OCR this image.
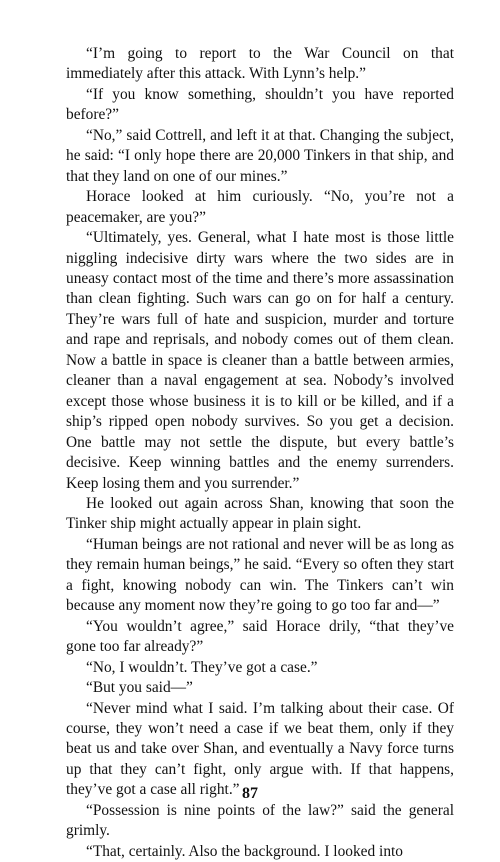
“I’m going to report to the War Council on that immediately after this attack. With Lynn’s help.”

“If you know something, shouldn’t you have reported before?”

“No,” said Cottrell, and left it at that. Changing the subject, he said: “I only hope there are 20,000 Tinkers in that ship, and that they land on one of our mines.”

Horace looked at him curiously. “No, you’re not a peacemaker, are you?”

“Ultimately, yes. General, what I hate most is those little niggling indecisive dirty wars where the two sides are in uneasy contact most of the time and there’s more assassination than clean fighting. Such wars can go on for half a century. They’re wars full of hate and suspicion, murder and torture and rape and reprisals, and nobody comes out of them clean. Now a battle in space is cleaner than a battle between armies, cleaner than a naval engagement at sea. Nobody’s involved except those whose business it is to kill or be killed, and if a ship’s ripped open nobody survives. So you get a decision. One battle may not settle the dispute, but every battle’s decisive. Keep winning battles and the enemy surrenders. Keep losing them and you surrender.”

He looked out again across Shan, knowing that soon the Tinker ship might actually appear in plain sight.

“Human beings are not rational and never will be as long as they remain human beings,” he said. “Every so often they start a fight, knowing nobody can win. The Tinkers can’t win because any moment now they’re going to go too far and—”

“You wouldn’t agree,” said Horace drily, “that they’ve gone too far already?”

“No, I wouldn’t. They’ve got a case.”

“But you said—”

“Never mind what I said. I’m talking about their case. Of course, they won’t need a case if we beat them, only if they beat us and take over Shan, and eventually a Navy force turns up that they can’t fight, only argue with. If that happens, they’ve got a case all right.”

“Possession is nine points of the law?” said the general grimly.

“That, certainly. Also the background. I looked into

87
